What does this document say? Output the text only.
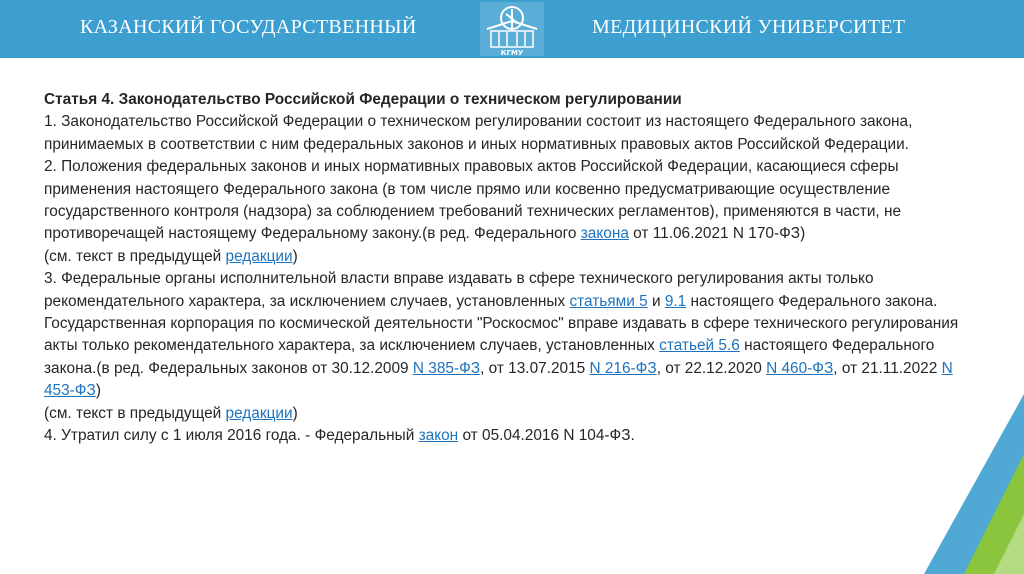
КАЗАНСКИЙ ГОСУДАРСТВЕННЫЙ
КГМУ
МЕДИЦИНСКИЙ УНИВЕРСИТЕТ

Статья 4. Законодательство Российской Федерации о техническом регулировании

1. Законодательство Российской Федерации о техническом регулировании состоит из настоящего Федерального закона, принимаемых в соответствии с ним федеральных законов и иных нормативных правовых актов Российской Федерации.

2. Положения федеральных законов и иных нормативных правовых актов Российской Федерации, касающиеся сферы применения настоящего Федерального закона (в том числе прямо или косвенно предусматривающие осуществление государственного контроля (надзора) за соблюдением требований технических регламентов), применяются в части, не противоречащей настоящему Федеральному закону.(в ред. Федерального закона от 11.06.2021 N 170-ФЗ)

(см. текст в предыдущей редакции)

3. Федеральные органы исполнительной власти вправе издавать в сфере технического регулирования акты только рекомендательного характера, за исключением случаев, установленных статьями 5 и 9.1 настоящего Федерального закона. Государственная корпорация по космической деятельности "Роскосмос" вправе издавать в сфере технического регулирования акты только рекомендательного характера, за исключением случаев, установленных статьей 5.6 настоящего Федерального закона.(в ред. Федеральных законов от 30.12.2009 N 385-ФЗ, от 13.07.2015 N 216-ФЗ, от 22.12.2020 N 460-ФЗ, от 21.11.2022 N 453-ФЗ)

(см. текст в предыдущей редакции)

4. Утратил силу с 1 июля 2016 года. - Федеральный закон от 05.04.2016 N 104-ФЗ.
